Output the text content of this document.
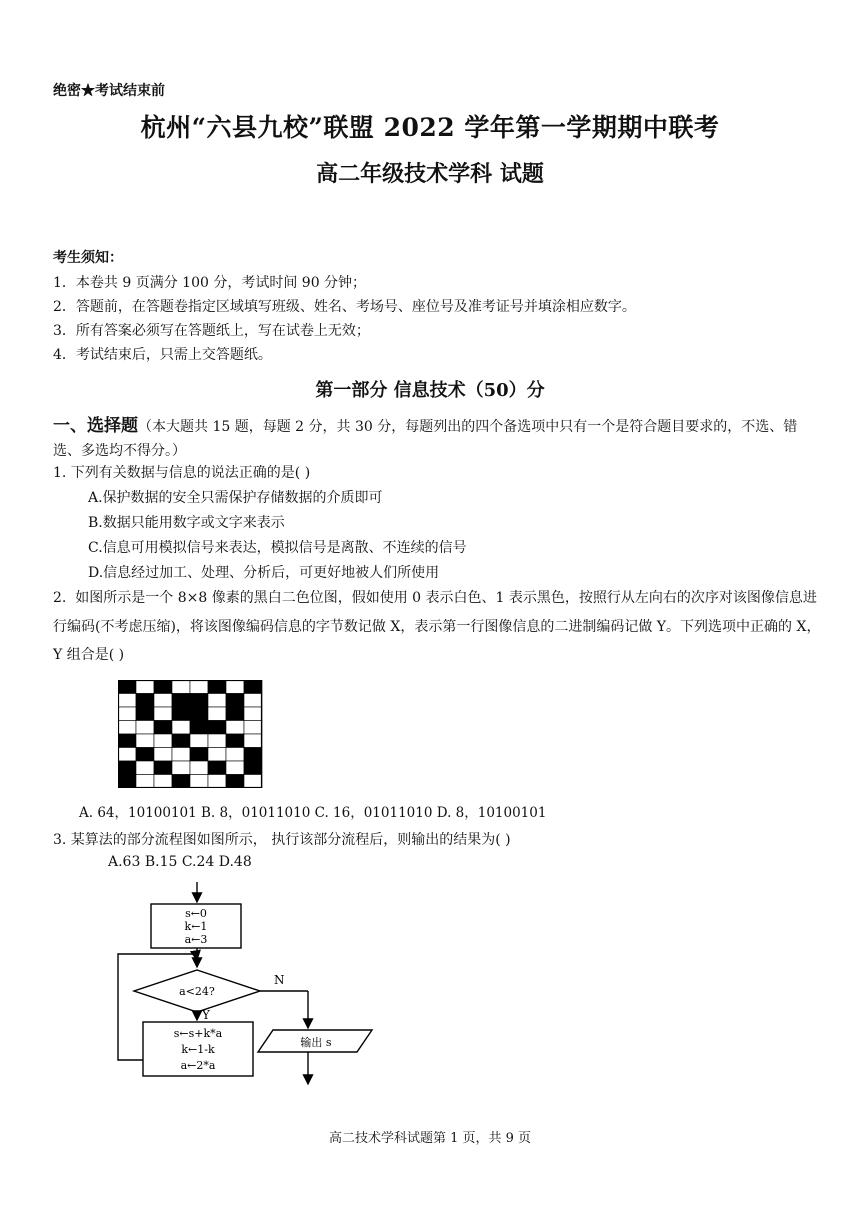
绝密★考试结束前
杭州“六县九校”联盟 2022 学年第一学期期中联考
高二年级技术学科 试题
考生须知：
1．本卷共 9 页满分 100 分，考试时间 90 分钟；
2．答题前，在答题卷指定区域填写班级、姓名、考场号、座位号及准考证号并填涂相应数字。
3．所有答案必须写在答题纸上，写在试卷上无效；
4．考试结束后，只需上交答题纸。
第一部分 信息技术（50）分
一、选择题（本大题共 15 题，每题 2 分，共 30 分，每题列出的四个备选项中只有一个是符合题目要求的，不选、错选、多选均不得分。）
1. 下列有关数据与信息的说法正确的是( )
A.保护数据的安全只需保护存储数据的介质即可
B.数据只能用数字或文字来表示
C.信息可用模拟信号来表达，模拟信号是离散、不连续的信号
D.信息经过加工、处理、分析后，可更好地被人们所使用
2. 如图所示是一个 8×8 像素的黑白二色位图，假如使用 0 表示白色、1 表示黑色，按照行从左向右的次序对该图像信息进行编码(不考虑压缩)，将该图像编码信息的字节数记做 X，表示第一行图像信息的二进制编码记做 Y。下列选项中正确的 X，Y 组合是( )
A. 64，10100101 B. 8，01011010 C. 16，01011010 D. 8，10100101
3. 某算法的部分流程图如图所示， 执行该部分流程后，则输出的结果为( )
A.63 B.15 C.24 D.48
s←0
k←1
a←3
a<24?
N
输出 s
Y
s←s+k*a
k←1-k
a←2*a
高二技术学科试题第 1 页，共 9 页
